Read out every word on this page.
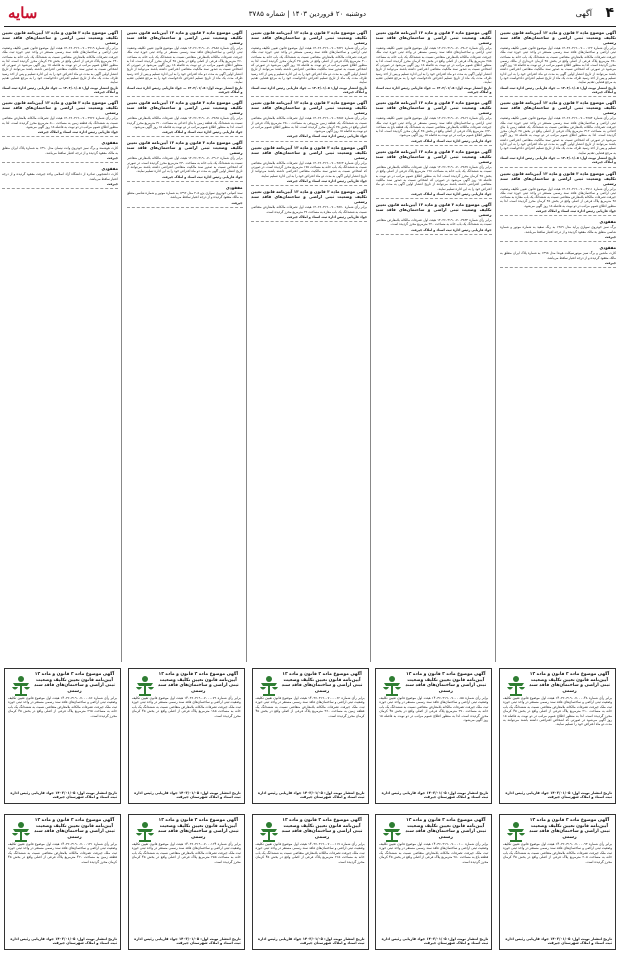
۴
آگهی
دوشنبه ۲۰ فروردین ۱۴۰۳ | شماره ۳۷۸۵
سایه
آگهی موضوع ماده ۳ قانون و ماده ۱۳ آیین‌نامه قانون تعیین تکلیف وضعیت ثبتی اراضی و ساختمان‌های فاقد سند رسمی

برابر رأی شماره ۱۴۰۳۶۰۳۱۹۰۰۷۰۰۰۱۲۲ هیئت اول موضوع قانون تعیین تکلیف وضعیت ثبتی اراضی و ساختمان‌های فاقد سند رسمی مستقر در واحد ثبتی حوزه ثبت ملک جیرفت تصرفات مالکانه بلامعارض متقاضی نسبت به ششدانگ یک باب خانه به مساحت ۲۵۰ مترمربع پلاک فرعی از اصلی واقع در بخش ۴۵ کرمان خریداری از مالک رسمی محرز گردیده است. لذا به منظور اطلاع عموم مراتب در دو نوبت به فاصله ۱۵ روز آگهی می‌شود در صورتی که اشخاص نسبت به صدور سند مالکیت متقاضی اعتراضی داشته باشند می‌توانند از تاریخ انتشار اولین آگهی به مدت دو ماه اعتراض خود را به این اداره تسلیم و پس از اخذ رسید ظرف مدت یک ماه از تاریخ تسلیم اعتراض دادخواست خود را به مرجع قضایی تقدیم نمایند.

تاریخ انتشار نوبت اول: ۱۴۰۳/۰۱/۰۵ — جواد فاریابی رئیس اداره ثبت اسناد و املاک جیرفت

آگهی موضوع ماده ۳ قانون و ماده ۱۳ آیین‌نامه قانون تعیین تکلیف وضعیت ثبتی اراضی و ساختمان‌های فاقد سند رسمی

برابر رأی شماره ۱۴۰۲۶۰۳۱۹۰۰۷۰۰۳۶۵۴ هیئت اول موضوع قانون تعیین تکلیف وضعیت ثبتی اراضی و ساختمان‌های فاقد سند رسمی مستقر در واحد ثبتی حوزه ثبت ملک جیرفت تصرفات مالکانه بلامعارض متقاضی نسبت به ششدانگ یک قطعه زمین با بنای احداثی به مساحت ۳۱۲ مترمربع پلاک فرعی از اصلی واقع در بخش ۴۵ کرمان محرز گردیده است. لذا به منظور اطلاع عموم مراتب در دو نوبت به فاصله ۱۵ روز آگهی می‌شود در صورتی که اشخاص نسبت به صدور سند مالکیت متقاضی اعتراضی داشته باشند می‌توانند از تاریخ انتشار اولین آگهی به مدت دو ماه اعتراض خود را به این اداره تسلیم و پس از اخذ رسید ظرف مدت یک ماه از تاریخ تسلیم اعتراض دادخواست خود را به مرجع قضایی تقدیم نمایند.

تاریخ انتشار نوبت اول: ۱۴۰۳/۰۱/۰۵ — جواد فاریابی رئیس اداره ثبت اسناد و املاک جیرفت

آگهی موضوع ماده ۳ قانون و ماده ۱۳ آیین‌نامه قانون تعیین تکلیف وضعیت ثبتی اراضی و ساختمان‌های فاقد سند رسمی

برابر رأی شماره ۱۴۰۲۶۰۳۱۹۰۰۷۰۰۳۷۱۱ هیئت اول موضوع قانون تعیین تکلیف وضعیت ثبتی اراضی و ساختمان‌های فاقد سند رسمی مستقر در واحد ثبتی حوزه ثبت ملک جیرفت تصرفات مالکانه بلامعارض متقاضی نسبت به ششدانگ یک باب مغازه به مساحت ۴۸ مترمربع پلاک فرعی از اصلی واقع در بخش ۴۵ کرمان محرز گردیده است. لذا به منظور اطلاع عموم مراتب در دو نوبت به فاصله ۱۵ روز آگهی می‌شود.

جواد فاریابی رئیس اداره ثبت اسناد و املاک جیرفت

مفقودی

برگ سبز خودروی سواری پراید مدل ۱۳۸۹ به رنگ سفید به شماره موتور و شماره شاسی متعلق به مالک مفقود گردیده و از درجه اعتبار ساقط می‌باشد.

جیرفت

مفقودی

کارت ماشین و برگ سبز موتورسیکلت هوندا مدل ۱۳۹۵ به شماره پلاک ایران متعلق به مالک مفقود گردیده و از درجه اعتبار ساقط می‌باشد.

جیرفت

آگهی موضوع ماده ۳ قانون و ماده ۱۳ آیین‌نامه قانون تعیین تکلیف وضعیت ثبتی اراضی و ساختمان‌های فاقد سند رسمی

برابر رأی شماره ۱۴۰۲۶۰۳۱۹۰۰۷۰۰۳۸۰۲ هیئت اول موضوع قانون تعیین تکلیف وضعیت ثبتی اراضی و ساختمان‌های فاقد سند رسمی مستقر در واحد ثبتی حوزه ثبت ملک جیرفت تصرفات مالکانه بلامعارض متقاضی نسبت به ششدانگ یک باب خانه به مساحت ۲۸۵ مترمربع پلاک فرعی از اصلی واقع در بخش ۴۵ کرمان محرز گردیده است. لذا به منظور اطلاع عموم مراتب در دو نوبت به فاصله ۱۵ روز آگهی می‌شود در صورتی که اشخاص نسبت به صدور سند مالکیت متقاضی اعتراضی داشته باشند می‌توانند از تاریخ انتشار اولین آگهی به مدت دو ماه اعتراض خود را به این اداره تسلیم و پس از اخذ رسید ظرف مدت یک ماه از تاریخ تسلیم اعتراض دادخواست خود را به مرجع قضایی تقدیم نمایند.

تاریخ انتشار نوبت اول: ۱۴۰۳/۰۱/۰۵ — جواد فاریابی رئیس اداره ثبت اسناد و املاک جیرفت

آگهی موضوع ماده ۳ قانون و ماده ۱۳ آیین‌نامه قانون تعیین تکلیف وضعیت ثبتی اراضی و ساختمان‌های فاقد سند رسمی

برابر رأی شماره ۱۴۰۲۶۰۳۱۹۰۰۷۰۰۳۸۱۹ هیئت اول موضوع قانون تعیین تکلیف وضعیت ثبتی اراضی و ساختمان‌های فاقد سند رسمی مستقر در واحد ثبتی حوزه ثبت ملک جیرفت تصرفات مالکانه بلامعارض متقاضی نسبت به ششدانگ یک قطعه باغ به مساحت ۱۲۴۰ مترمربع پلاک فرعی از اصلی واقع در بخش ۴۵ کرمان محرز گردیده است. لذا به منظور اطلاع عموم مراتب در دو نوبت به فاصله ۱۵ روز آگهی می‌شود.

جواد فاریابی رئیس اداره ثبت اسناد و املاک جیرفت

آگهی موضوع ماده ۳ قانون و ماده ۱۳ آیین‌نامه قانون تعیین تکلیف وضعیت ثبتی اراضی و ساختمان‌های فاقد سند رسمی

برابر رأی شماره ۱۴۰۲۶۰۳۱۹۰۰۷۰۰۳۸۲۷ هیئت اول تصرفات مالکانه بلامعارض متقاضی نسبت به ششدانگ یک باب خانه به مساحت ۱۹۸ مترمربع پلاک فرعی از اصلی واقع در بخش ۴۵ کرمان محرز گردیده است. لذا به منظور اطلاع عموم مراتب در دو نوبت به فاصله ۱۵ روز آگهی می‌شود در صورتی که اشخاص نسبت به صدور سند مالکیت متقاضی اعتراضی داشته باشند می‌توانند از تاریخ انتشار اولین آگهی به مدت دو ماه اعتراض خود را به این اداره تسلیم نمایند.

جواد فاریابی رئیس اداره ثبت اسناد و املاک جیرفت

آگهی موضوع ماده ۳ قانون و ماده ۱۳ آیین‌نامه قانون تعیین تکلیف وضعیت ثبتی اراضی و ساختمان‌های فاقد سند رسمی

برابر رأی شماره ۱۴۰۲۶۰۳۱۹۰۰۷۰۰۳۸۳۴ هیئت اول تصرفات مالکانه بلامعارض متقاضی نسبت به ششدانگ یک باب خانه به مساحت ۲۲۰ مترمربع محرز گردیده است.

جواد فاریابی رئیس اداره ثبت اسناد و املاک جیرفت

آگهی موضوع ماده ۳ قانون و ماده ۱۳ آیین‌نامه قانون تعیین تکلیف وضعیت ثبتی اراضی و ساختمان‌های فاقد سند رسمی

برابر رأی شماره ۱۴۰۲۶۰۳۱۹۰۰۷۰۰۳۸۴۱ هیئت اول موضوع قانون تعیین تکلیف وضعیت ثبتی اراضی و ساختمان‌های فاقد سند رسمی مستقر در واحد ثبتی حوزه ثبت ملک جیرفت تصرفات مالکانه بلامعارض متقاضی نسبت به ششدانگ یک باب خانه به مساحت ۳۰۰ مترمربع پلاک فرعی از اصلی واقع در بخش ۴۵ کرمان محرز گردیده است. لذا به منظور اطلاع عموم مراتب در دو نوبت به فاصله ۱۵ روز آگهی می‌شود در صورتی که اشخاص نسبت به صدور سند مالکیت متقاضی اعتراضی داشته باشند می‌توانند از تاریخ انتشار اولین آگهی به مدت دو ماه اعتراض خود را به این اداره تسلیم و پس از اخذ رسید ظرف مدت یک ماه از تاریخ تسلیم اعتراض دادخواست خود را به مرجع قضایی تقدیم نمایند.

تاریخ انتشار نوبت اول: ۱۴۰۳/۰۱/۰۵ — جواد فاریابی رئیس اداره ثبت اسناد و املاک جیرفت

آگهی موضوع ماده ۳ قانون و ماده ۱۳ آیین‌نامه قانون تعیین تکلیف وضعیت ثبتی اراضی و ساختمان‌های فاقد سند رسمی

برابر رأی شماره ۱۴۰۲۶۰۳۱۹۰۰۷۰۰۳۸۵۶ هیئت اول تصرفات مالکانه بلامعارض متقاضی نسبت به ششدانگ یک قطعه زمین مزروعی به مساحت ۲۵۰۰ مترمربع پلاک فرعی از اصلی واقع در بخش ۴۵ کرمان محرز گردیده است. لذا به منظور اطلاع عموم مراتب در دو نوبت به فاصله ۱۵ روز آگهی می‌شود.

جواد فاریابی رئیس اداره ثبت اسناد و املاک جیرفت

آگهی موضوع ماده ۳ قانون و ماده ۱۳ آیین‌نامه قانون تعیین تکلیف وضعیت ثبتی اراضی و ساختمان‌های فاقد سند رسمی

برابر رأی شماره ۱۴۰۲۶۰۳۱۹۰۰۷۰۰۳۸۶۳ هیئت اول تصرفات مالکانه بلامعارض متقاضی نسبت به ششدانگ یک باب خانه به مساحت ۱۷۵ مترمربع محرز گردیده است. در صورتی که اشخاص نسبت به صدور سند مالکیت متقاضی اعتراضی داشته باشند می‌توانند از تاریخ انتشار اولین آگهی به مدت دو ماه اعتراض خود را به این اداره تسلیم نمایند.

جواد فاریابی رئیس اداره ثبت اسناد و املاک جیرفت

آگهی موضوع ماده ۳ قانون و ماده ۱۳ آیین‌نامه قانون تعیین تکلیف وضعیت ثبتی اراضی و ساختمان‌های فاقد سند رسمی

برابر رأی شماره ۱۴۰۲۶۰۳۱۹۰۰۷۰۰۳۸۷۰ هیئت اول تصرفات مالکانه بلامعارض متقاضی نسبت به ششدانگ یک باب مغازه به مساحت ۳۶ مترمربع محرز گردیده است.

جواد فاریابی رئیس اداره ثبت اسناد و املاک جیرفت

آگهی موضوع ماده ۳ قانون و ماده ۱۳ آیین‌نامه قانون تعیین تکلیف وضعیت ثبتی اراضی و ساختمان‌های فاقد سند رسمی

برابر رأی شماره ۱۴۰۲۶۰۳۱۹۰۰۷۰۰۳۸۸۸ هیئت اول موضوع قانون تعیین تکلیف وضعیت ثبتی اراضی و ساختمان‌های فاقد سند رسمی مستقر در واحد ثبتی حوزه ثبت ملک جیرفت تصرفات مالکانه بلامعارض متقاضی نسبت به ششدانگ یک باب خانه به مساحت ۲۶۰ مترمربع پلاک فرعی از اصلی واقع در بخش ۴۵ کرمان محرز گردیده است. لذا به منظور اطلاع عموم مراتب در دو نوبت به فاصله ۱۵ روز آگهی می‌شود در صورتی که اشخاص نسبت به صدور سند مالکیت متقاضی اعتراضی داشته باشند می‌توانند از تاریخ انتشار اولین آگهی به مدت دو ماه اعتراض خود را به این اداره تسلیم و پس از اخذ رسید ظرف مدت یک ماه از تاریخ تسلیم اعتراض دادخواست خود را به مرجع قضایی تقدیم نمایند.

تاریخ انتشار نوبت اول: ۱۴۰۳/۰۱/۰۵ — جواد فاریابی رئیس اداره ثبت اسناد و املاک جیرفت

آگهی موضوع ماده ۳ قانون و ماده ۱۳ آیین‌نامه قانون تعیین تکلیف وضعیت ثبتی اراضی و ساختمان‌های فاقد سند رسمی

برابر رأی شماره ۱۴۰۲۶۰۳۱۹۰۰۷۰۰۳۸۹۵ هیئت اول تصرفات مالکانه بلامعارض متقاضی نسبت به ششدانگ یک قطعه زمین با بنای احداثی به مساحت ۴۱۰ مترمربع محرز گردیده است. لذا به منظور اطلاع عموم مراتب در دو نوبت به فاصله ۱۵ روز آگهی می‌شود.

جواد فاریابی رئیس اداره ثبت اسناد و املاک جیرفت

آگهی موضوع ماده ۳ قانون و ماده ۱۳ آیین‌نامه قانون تعیین تکلیف وضعیت ثبتی اراضی و ساختمان‌های فاقد سند رسمی

برابر رأی شماره ۱۴۰۲۶۰۳۱۹۰۰۷۰۰۳۹۰۲ هیئت اول تصرفات مالکانه بلامعارض متقاضی نسبت به ششدانگ یک باب خانه به مساحت ۲۳۰ مترمربع محرز گردیده است. در صورتی که اشخاص نسبت به صدور سند مالکیت متقاضی اعتراضی داشته باشند می‌توانند از تاریخ انتشار اولین آگهی به مدت دو ماه اعتراض خود را به این اداره تسلیم نمایند.

جواد فاریابی رئیس اداره ثبت اسناد و املاک جیرفت

مفقودی

سند کمپانی خودروی سواری پژو ۴۰۵ مدل ۱۳۹۲ به شماره موتور و شماره شاسی متعلق به مالک مفقود گردیده و از درجه اعتبار ساقط می‌باشد.

جیرفت

آگهی موضوع ماده ۳ قانون و ماده ۱۳ آیین‌نامه قانون تعیین تکلیف وضعیت ثبتی اراضی و ساختمان‌های فاقد سند رسمی

برابر رأی شماره ۱۴۰۲۶۰۳۱۹۰۰۷۰۰۳۹۱۹ هیئت اول موضوع قانون تعیین تکلیف وضعیت ثبتی اراضی و ساختمان‌های فاقد سند رسمی مستقر در واحد ثبتی حوزه ثبت ملک جیرفت تصرفات مالکانه بلامعارض متقاضی نسبت به ششدانگ یک باب خانه به مساحت ۲۴۰ مترمربع پلاک فرعی از اصلی واقع در بخش ۴۵ کرمان محرز گردیده است. لذا به منظور اطلاع عموم مراتب در دو نوبت به فاصله ۱۵ روز آگهی می‌شود در صورتی که اشخاص نسبت به صدور سند مالکیت متقاضی اعتراضی داشته باشند می‌توانند از تاریخ انتشار اولین آگهی به مدت دو ماه اعتراض خود را به این اداره تسلیم و پس از اخذ رسید ظرف مدت یک ماه از تاریخ تسلیم اعتراض دادخواست خود را به مرجع قضایی تقدیم نمایند.

تاریخ انتشار نوبت اول: ۱۴۰۳/۰۱/۰۵ — جواد فاریابی رئیس اداره ثبت اسناد و املاک جیرفت

آگهی موضوع ماده ۳ قانون و ماده ۱۳ آیین‌نامه قانون تعیین تکلیف وضعیت ثبتی اراضی و ساختمان‌های فاقد سند رسمی

برابر رأی شماره ۱۴۰۲۶۰۳۱۹۰۰۷۰۰۳۹۲۶ هیئت اول تصرفات مالکانه بلامعارض متقاضی نسبت به ششدانگ یک قطعه زمین به مساحت ۵۰۰ مترمربع محرز گردیده است. لذا به منظور اطلاع عموم مراتب در دو نوبت به فاصله ۱۵ روز آگهی می‌شود.

جواد فاریابی رئیس اداره ثبت اسناد و املاک جیرفت

مفقودی

کارت هوشمند و برگ سبز خودروی وانت نیسان مدل ۱۳۹۰ به شماره پلاک ایران متعلق به مالک مفقود گردیده و از درجه اعتبار ساقط می‌باشد.

جیرفت

مفقودی

کارت دانشجویی صادره از دانشگاه آزاد اسلامی واحد جیرفت مفقود گردیده و از درجه اعتبار ساقط می‌باشد.

جیرفت

آگهی موضوع ماده ۳ قانون و ماده ۱۳ آیین‌نامه قانون تعیین تکلیف وضعیت ثبتی اراضی و ساختمان‌های فاقد سند رسمی
برابر رأی شماره ۱۴۰۳۶۰۳۱۹۰۰۷۰۰۰۰۴۸ هیئت اول موضوع قانون تعیین تکلیف وضعیت ثبتی اراضی و ساختمان‌های فاقد سند رسمی مستقر در واحد ثبتی حوزه ثبت ملک جیرفت تصرفات مالکانه بلامعارض متقاضی نسبت به ششدانگ یک باب خانه به مساحت ۲۱۰ مترمربع پلاک فرعی از اصلی واقع در بخش ۴۵ کرمان محرز گردیده است. لذا به منظور اطلاع عموم مراتب در دو نوبت به فاصله ۱۵ روز آگهی می‌شود در صورتی که اشخاص اعتراضی داشته باشند می‌توانند به مدت دو ماه اعتراض خود را تسلیم نمایند.
تاریخ انتشار نوبت اول: ۱۴۰۳/۰۱/۰۵ جواد فاریابی رئیس اداره ثبت اسناد و املاک شهرستان جیرفت
آگهی موضوع ماده ۳ قانون و ماده ۱۳ آیین‌نامه قانون تعیین تکلیف وضعیت ثبتی اراضی و ساختمان‌های فاقد سند رسمی
برابر رأی شماره ۱۴۰۳۶۰۳۱۹۰۰۷۰۰۰۰۵۵ هیئت اول موضوع قانون تعیین تکلیف وضعیت ثبتی اراضی و ساختمان‌های فاقد سند رسمی مستقر در واحد ثبتی حوزه ثبت ملک جیرفت تصرفات مالکانه بلامعارض متقاضی نسبت به ششدانگ یک باب خانه به مساحت ۲۷۰ مترمربع پلاک فرعی از اصلی واقع در بخش ۴۵ کرمان محرز گردیده است. لذا به منظور اطلاع عموم مراتب در دو نوبت به فاصله ۱۵ روز آگهی می‌شود.
تاریخ انتشار نوبت اول: ۱۴۰۳/۰۱/۰۵ جواد فاریابی رئیس اداره ثبت اسناد و املاک شهرستان جیرفت
آگهی موضوع ماده ۳ قانون و ماده ۱۳ آیین‌نامه قانون تعیین تکلیف وضعیت ثبتی اراضی و ساختمان‌های فاقد سند رسمی
برابر رأی شماره ۱۴۰۳۶۰۳۱۹۰۰۷۰۰۰۰۶۲ هیئت اول موضوع قانون تعیین تکلیف وضعیت ثبتی اراضی و ساختمان‌های فاقد سند رسمی مستقر در واحد ثبتی حوزه ثبت ملک جیرفت تصرفات مالکانه بلامعارض متقاضی نسبت به ششدانگ یک قطعه زمین به مساحت ۳۶۰ مترمربع پلاک فرعی از اصلی واقع در بخش ۴۵ کرمان محرز گردیده است.
تاریخ انتشار نوبت اول: ۱۴۰۳/۰۱/۰۵ جواد فاریابی رئیس اداره ثبت اسناد و املاک شهرستان جیرفت
آگهی موضوع ماده ۳ قانون و ماده ۱۳ آیین‌نامه قانون تعیین تکلیف وضعیت ثبتی اراضی و ساختمان‌های فاقد سند رسمی
برابر رأی شماره ۱۴۰۳۶۰۳۱۹۰۰۷۰۰۰۰۷۹ هیئت اول موضوع قانون تعیین تکلیف وضعیت ثبتی اراضی و ساختمان‌های فاقد سند رسمی مستقر در واحد ثبتی حوزه ثبت ملک جیرفت تصرفات مالکانه بلامعارض متقاضی نسبت به ششدانگ یک باب خانه به مساحت ۱۸۵ مترمربع پلاک فرعی از اصلی واقع در بخش ۴۵ کرمان محرز گردیده است.
تاریخ انتشار نوبت اول: ۱۴۰۳/۰۱/۰۵ جواد فاریابی رئیس اداره ثبت اسناد و املاک شهرستان جیرفت
آگهی موضوع ماده ۳ قانون و ماده ۱۳ آیین‌نامه قانون تعیین تکلیف وضعیت ثبتی اراضی و ساختمان‌های فاقد سند رسمی
برابر رأی شماره ۱۴۰۳۶۰۳۱۹۰۰۷۰۰۰۰۸۶ هیئت اول موضوع قانون تعیین تکلیف وضعیت ثبتی اراضی و ساختمان‌های فاقد سند رسمی مستقر در واحد ثبتی حوزه ثبت ملک جیرفت تصرفات مالکانه بلامعارض متقاضی نسبت به ششدانگ یک باب خانه به مساحت ۲۹۵ مترمربع پلاک فرعی از اصلی واقع در بخش ۴۵ کرمان محرز گردیده است.
تاریخ انتشار نوبت اول: ۱۴۰۳/۰۱/۰۵ جواد فاریابی رئیس اداره ثبت اسناد و املاک شهرستان جیرفت
آگهی موضوع ماده ۳ قانون و ماده ۱۳ آیین‌نامه قانون تعیین تکلیف وضعیت ثبتی اراضی و ساختمان‌های فاقد سند رسمی
برابر رأی شماره ۱۴۰۳۶۰۳۱۹۰۰۷۰۰۰۰۹۳ هیئت اول موضوع قانون تعیین تکلیف وضعیت ثبتی اراضی و ساختمان‌های فاقد سند رسمی مستقر در واحد ثبتی حوزه ثبت ملک جیرفت تصرفات مالکانه بلامعارض متقاضی نسبت به ششدانگ یک باب خانه به مساحت ۲۰۵ مترمربع پلاک فرعی از اصلی واقع در بخش ۴۵ کرمان محرز گردیده است.
تاریخ انتشار نوبت اول: ۱۴۰۳/۰۱/۰۵ جواد فاریابی رئیس اداره ثبت اسناد و املاک شهرستان جیرفت
آگهی موضوع ماده ۳ قانون و ماده ۱۳ آیین‌نامه قانون تعیین تکلیف وضعیت ثبتی اراضی و ساختمان‌های فاقد سند رسمی
برابر رأی شماره ۱۴۰۳۶۰۳۱۹۰۰۷۰۰۰۱۰۰ هیئت اول موضوع قانون تعیین تکلیف وضعیت ثبتی اراضی و ساختمان‌های فاقد سند رسمی مستقر در واحد ثبتی حوزه ثبت ملک جیرفت تصرفات مالکانه بلامعارض متقاضی نسبت به ششدانگ یک قطعه باغ به مساحت ۹۸۰ مترمربع پلاک فرعی از اصلی واقع در بخش ۴۵ کرمان محرز گردیده است.
تاریخ انتشار نوبت اول: ۱۴۰۳/۰۱/۰۵ جواد فاریابی رئیس اداره ثبت اسناد و املاک شهرستان جیرفت
آگهی موضوع ماده ۳ قانون و ماده ۱۳ آیین‌نامه قانون تعیین تکلیف وضعیت ثبتی اراضی و ساختمان‌های فاقد سند رسمی
برابر رأی شماره ۱۴۰۳۶۰۳۱۹۰۰۷۰۰۰۱۱۷ هیئت اول موضوع قانون تعیین تکلیف وضعیت ثبتی اراضی و ساختمان‌های فاقد سند رسمی مستقر در واحد ثبتی حوزه ثبت ملک جیرفت تصرفات مالکانه بلامعارض متقاضی نسبت به ششدانگ یک باب خانه به مساحت ۲۱۵ مترمربع پلاک فرعی از اصلی واقع در بخش ۴۵ کرمان محرز گردیده است.
تاریخ انتشار نوبت اول: ۱۴۰۳/۰۱/۰۵ جواد فاریابی رئیس اداره ثبت اسناد و املاک شهرستان جیرفت
آگهی موضوع ماده ۳ قانون و ماده ۱۳ آیین‌نامه قانون تعیین تکلیف وضعیت ثبتی اراضی و ساختمان‌های فاقد سند رسمی
برابر رأی شماره ۱۴۰۳۶۰۳۱۹۰۰۷۰۰۰۱۲۴ هیئت اول موضوع قانون تعیین تکلیف وضعیت ثبتی اراضی و ساختمان‌های فاقد سند رسمی مستقر در واحد ثبتی حوزه ثبت ملک جیرفت تصرفات مالکانه بلامعارض متقاضی نسبت به ششدانگ یک باب خانه به مساحت ۲۵۵ مترمربع پلاک فرعی از اصلی واقع در بخش ۴۵ کرمان محرز گردیده است.
تاریخ انتشار نوبت اول: ۱۴۰۳/۰۱/۰۵ جواد فاریابی رئیس اداره ثبت اسناد و املاک شهرستان جیرفت
آگهی موضوع ماده ۳ قانون و ماده ۱۳ آیین‌نامه قانون تعیین تکلیف وضعیت ثبتی اراضی و ساختمان‌های فاقد سند رسمی
برابر رأی شماره ۱۴۰۳۶۰۳۱۹۰۰۷۰۰۰۱۳۱ هیئت اول موضوع قانون تعیین تکلیف وضعیت ثبتی اراضی و ساختمان‌های فاقد سند رسمی مستقر در واحد ثبتی حوزه ثبت ملک جیرفت تصرفات مالکانه بلامعارض متقاضی نسبت به ششدانگ یک قطعه زمین به مساحت ۴۲۰ مترمربع پلاک فرعی از اصلی واقع در بخش ۴۵ کرمان محرز گردیده است.
تاریخ انتشار نوبت اول: ۱۴۰۳/۰۱/۰۵ جواد فاریابی رئیس اداره ثبت اسناد و املاک شهرستان جیرفت
